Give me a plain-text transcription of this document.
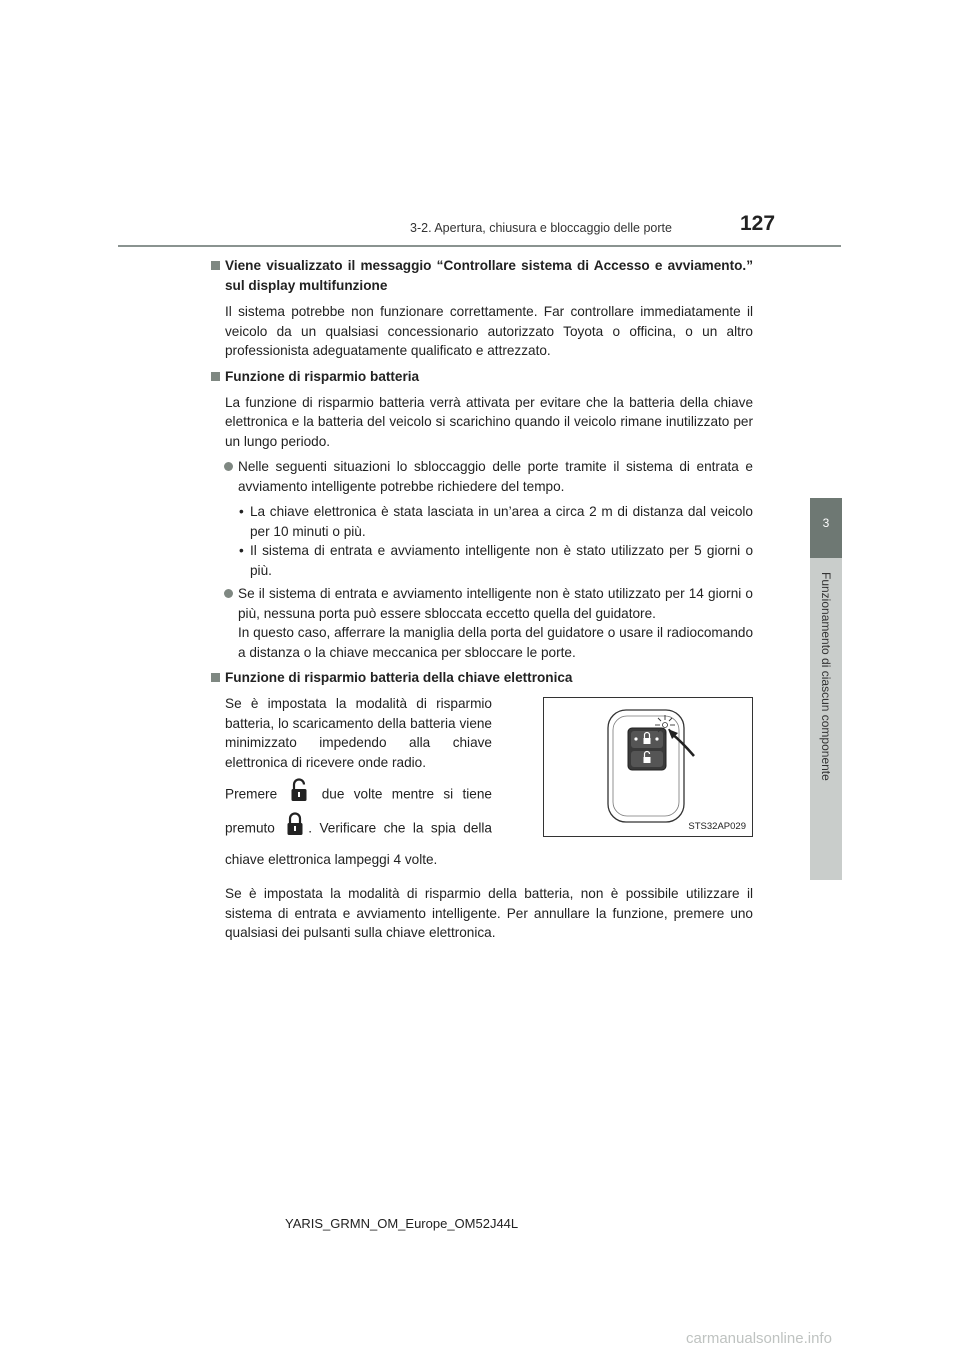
3-2. Apertura, chiusura e bloccaggio delle porte	127
3
Funzionamento di ciascun componente
Viene visualizzato il messaggio “Controllare sistema di Accesso e avviamento.” sul display multifunzione

Il sistema potrebbe non funzionare correttamente. Far controllare immediatamente il veicolo da un qualsiasi concessionario autorizzato Toyota o officina, o un altro professionista adeguatamente qualificato e attrezzato.

Funzione di risparmio batteria

La funzione di risparmio batteria verrà attivata per evitare che la batteria della chiave elettronica e la batteria del veicolo si scarichino quando il veicolo rimane inutilizzato per un lungo periodo.

Nelle seguenti situazioni lo sbloccaggio delle porte tramite il sistema di entrata e avviamento intelligente potrebbe richiedere del tempo.

• La chiave elettronica è stata lasciata in un’area a circa 2 m di distanza dal veicolo per 10 minuti o più.
• Il sistema di entrata e avviamento intelligente non è stato utilizzato per 5 giorni o più.

Se il sistema di entrata e avviamento intelligente non è stato utilizzato per 14 giorni o più, nessuna porta può essere sbloccata eccetto quella del guidatore.
In questo caso, afferrare la maniglia della porta del guidatore o usare il radiocomando a distanza o la chiave meccanica per sbloccare le porte.

Funzione di risparmio batteria della chiave elettronica

Se è impostata la modalità di risparmio batteria, lo scaricamento della batteria viene minimizzato impedendo alla chiave elettronica di ricevere onde radio.

Premere	due volte mentre si tiene premuto . Verificare che la spia della chiave elettronica lampeggi 4 volte.

STS32AP029

Se è impostata la modalità di risparmio della batteria, non è possibile utilizzare il sistema di entrata e avviamento intelligente. Per annullare la funzione, premere uno qualsiasi dei pulsanti sulla chiave elettronica.

YARIS_GRMN_OM_Europe_OM52J44L
carmanualsonline.info
